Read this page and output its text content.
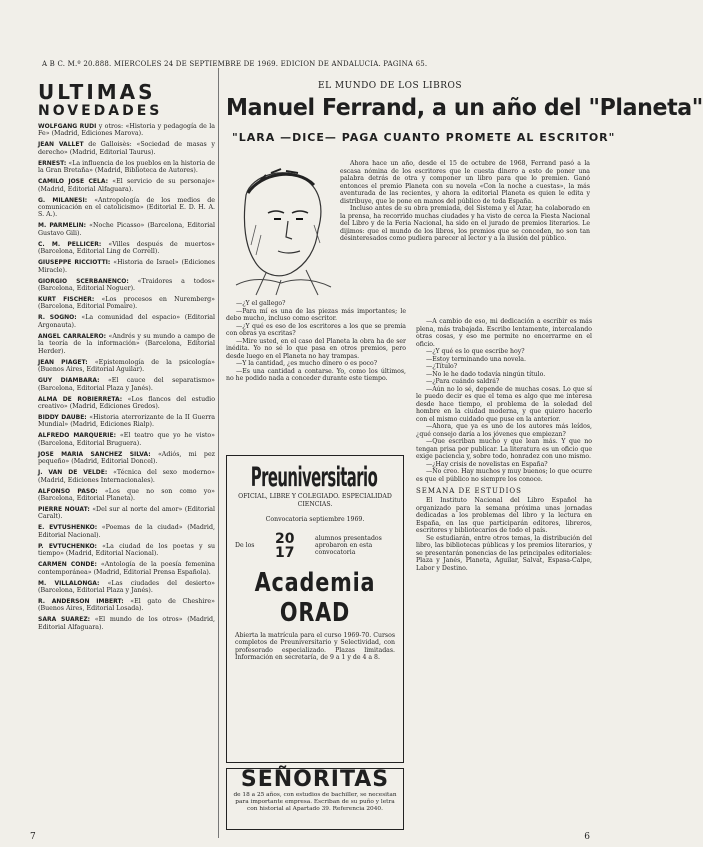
A B C. M.º 20.888. MIERCOLES 24 DE SEPTIEMBRE DE 1969. EDICION DE ANDALUCIA. PAGINA 65.
ULTIMAS
NOVEDADES

WOLFGANG RUDI y otros: «Historia y pedagogía de la Fe» (Madrid, Ediciones Marova).

JEAN VALLET de Galloisès: «Sociedad de masas y derecho» (Madrid, Editorial Taurus).

ERNEST: «La influencia de los pueblos en la historia de la Gran Bretaña» (Madrid, Biblioteca de Autores).

CAMILO JOSE CELA: «El servicio de su personaje» (Madrid, Editorial Alfaguara).

G. MILANESI: «Antropología de los medios de comunicación en el catolicismo» (Editorial E. D. H. A. S. A.).

M. PARMELIN: «Noche Picasso» (Barcelona, Editorial Gustavo Gili).

C. M. PELLICER: «Villes después de muertos» (Barcelona, Editorial Ling de Correll).

GIUSEPPE RICCIOTTI: «Historia de Israel» (Ediciones Miracle).

GIORGIO SCERBANENCO: «Traidores a todos» (Barcelona, Editorial Noguer).

KURT FISCHER: «Los procesos en Nuremberg» (Barcelona, Editorial Pomaire).

R. SOGNO: «La comunidad del espacio» (Editorial Argonauta).

ANGEL CARRALERO: «Andrés y su mundo a campo de la teoría de la información» (Barcelona, Editorial Herder).

JEAN PIAGET: «Epistemología de la psicología» (Buenos Aires, Editorial Aguilar).

GUY DIAMBARA: «El cauce del separatismo» (Barcelona, Editorial Plaza y Janés).

ALMA DE ROBIERRETA: «Los flancos del estudio creativo» (Madrid, Ediciones Gredos).

BIDDY DAUBE: «Historia aterrorizante de la II Guerra Mundial» (Madrid, Ediciones Rialp).

ALFREDO MARQUERIE: «El teatro que yo he visto» (Barcelona, Editorial Bruguera).

JOSE MARIA SANCHEZ SILVA: «Adiós, mi pez pequeño» (Madrid, Editorial Doncel).

J. VAN DE VELDE: «Técnica del sexo moderno» (Madrid, Ediciones Internacionales).

ALFONSO PASO: «Los que no son como yo» (Barcelona, Editorial Planeta).

PIERRE NOUAT: «Del sur al norte del amor» (Editorial Caralt).

E. EVTUSHENKO: «Poemas de la ciudad» (Madrid, Editorial Nacional).

P. EVTUCHENKO: «La ciudad de los poetas y su tiempo» (Madrid, Editorial Nacional).

CARMEN CONDE: «Antología de la poesía femenina contemporánea» (Madrid, Editorial Prensa Española).

M. VILLALONGA: «Las ciudades del desierto» (Barcelona, Editorial Plaza y Janés).

R. ANDERSON IMBERT: «El gato de Cheshire» (Buenos Aires, Editorial Losada).

SARA SUAREZ: «El mundo de los otros» (Madrid, Editorial Alfaguara).

EL MUNDO DE LOS LIBROS
Manuel Ferrand, a un año del "Planeta"
"LARA —DICE— PAGA CUANTO PROMETE AL ESCRITOR"

Ahora hace un año, desde el 15 de octubre de 1968, Ferrand pasó a la escasa nómina de los escritores que le cuesta dinero a esto de poner una palabra detrás de otra y componer un libro para que lo premien. Ganó entonces el premio Planeta con su novela «Con la noche a cuestas», la más aventurada de las recientes, y ahora la editorial Planeta es quien le edita y distribuye, que le pone en manos del público de toda España.

Incluso antes de su obra premiada, del Sistema y el Azar, ha colaborado en la prensa, ha recorrido muchas ciudades y ha visto de cerca la Fiesta Nacional del Libro y de la Feria Nacional, ha sido en el jurado de premios literarios. Le dijimos: que el mundo de los libros, los premios que se conceden, no son tan desinteresados como pudiera parecer al lector y a la ilusión del público.

—¿Y el gallego?

—Para mí es una de las piezas más importantes; le debo mucho, incluso como escritor.

—¿Y qué es eso de los escritores a los que se premia con obras ya escritas?

—Mire usted, en el caso del Planeta la obra ha de ser inédita. Yo no sé lo que pasa en otros premios, pero desde luego en el Planeta no hay trampas.

—Y la cantidad, ¿es mucho dinero o es poco?

—Es una cantidad a contarse. Yo, como los últimos, no he podido nada a conceder durante este tiempo.

—A cambio de eso, mi dedicación a escribir es más plena, más trabajada. Escribo lentamente, intercalando otras cosas, y eso me permite no encerrarme en el oficio.

—¿Y qué es lo que escribe hoy?

—Estoy terminando una novela.

—¿Título?

—No le he dado todavía ningún título.

—¿Para cuándo saldrá?

—Aún no lo sé, depende de muchas cosas. Lo que sí le puedo decir es que el tema es algo que me interesa desde hace tiempo, el problema de la soledad del hombre en la ciudad moderna, y que quiero hacerlo con el mismo cuidado que puse en la anterior.

—Ahora, que ya es uno de los autores más leídos, ¿qué consejo daría a los jóvenes que empiezan?

—Que escriban mucho y que lean más. Y que no tengan prisa por publicar. La literatura es un oficio que exige paciencia y, sobre todo, honradez con uno mismo.

—¿Hay crisis de novelistas en España?

—No creo. Hay muchos y muy buenos; lo que ocurre es que el público no siempre los conoce.

SEMANA DE ESTUDIOS

El Instituto Nacional del Libro Español ha organizado para la semana próxima unas jornadas dedicadas a los problemas del libro y la lectura en España, en las que participarán editores, libreros, escritores y bibliotecarios de todo el país.

Se estudiarán, entre otros temas, la distribución del libro, las bibliotecas públicas y los premios literarios, y se presentarán ponencias de las principales editoriales: Plaza y Janés, Planeta, Aguilar, Salvat, Espasa-Calpe, Labor y Destino.

Preuniversitario
OFICIAL, LIBRE Y COLEGIADO. ESPECIALIDAD CIENCIAS.
Convocatoria septiembre 1969.
De los 20
17
alumnos presentados aprobaron en esta convocatoria
Academia ORAD
Abierta la matrícula para el curso 1969-70. Cursos completos de Preuniversitario y Selectividad, con profesorado especializado. Plazas limitadas. Información en secretaría, de 9 a 1 y de 4 a 8.
SEÑORITAS
de 18 a 25 años, con estudios de bachiller, se necesitan para importante empresa. Escriban de su puño y letra con historial al Apartado 39. Referencia 2040.
7	6
